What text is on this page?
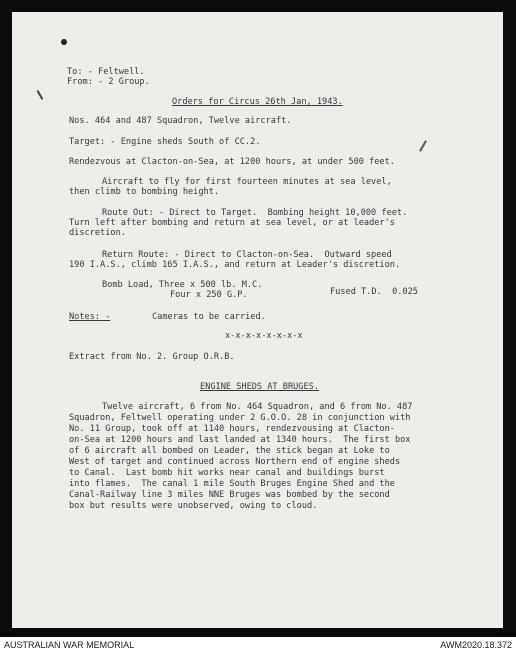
To: - Feltwell.
From: - 2 Group.
Orders for Circus 26th Jan, 1943.
Nos. 464 and 487 Squadron, Twelve aircraft.
Target: - Engine sheds South of CC.2.
Rendezvous at Clacton-on-Sea, at 1200 hours, at under 500 feet.
Aircraft to fly for first fourteen minutes at sea level,
then climb to bombing height.
Route Out: - Direct to Target.  Bombing height 10,000 feet.
Turn left after bombing and return at sea level, or at leader's
discretion.
Return Route: - Direct to Clacton-on-Sea.  Outward speed
190 I.A.S., climb 165 I.A.S., and return at Leader's discretion.
Bomb Load, Three x 500 lb. M.C.
Four x 250 G.P.	Fused T.D.  0.025
Notes: -	Cameras to be carried.
x-x-x-x-x-x-x-x
Extract from No. 2. Group O.R.B.
ENGINE SHEDS AT BRUGES.
Twelve aircraft, 6 from No. 464 Squadron, and 6 from No. 487
Squadron, Feltwell operating under 2 G.O.O. 28 in conjunction with
No. 11 Group, took off at 1140 hours, rendezvousing at Clacton-
on-Sea at 1200 hours and last landed at 1340 hours.  The first box
of 6 aircraft all bombed on Leader, the stick began at Loke to
West of target and continued across Northern end of engine sheds
to Canal.  Last bomb hit works near canal and buildings burst
into flames.  The canal 1 mile South Bruges Engine Shed and the
Canal-Railway line 3 miles NNE Bruges was bombed by the second
box but results were unobserved, owing to cloud.
AUSTRALIAN WAR MEMORIAL	AWM2020.18.372
